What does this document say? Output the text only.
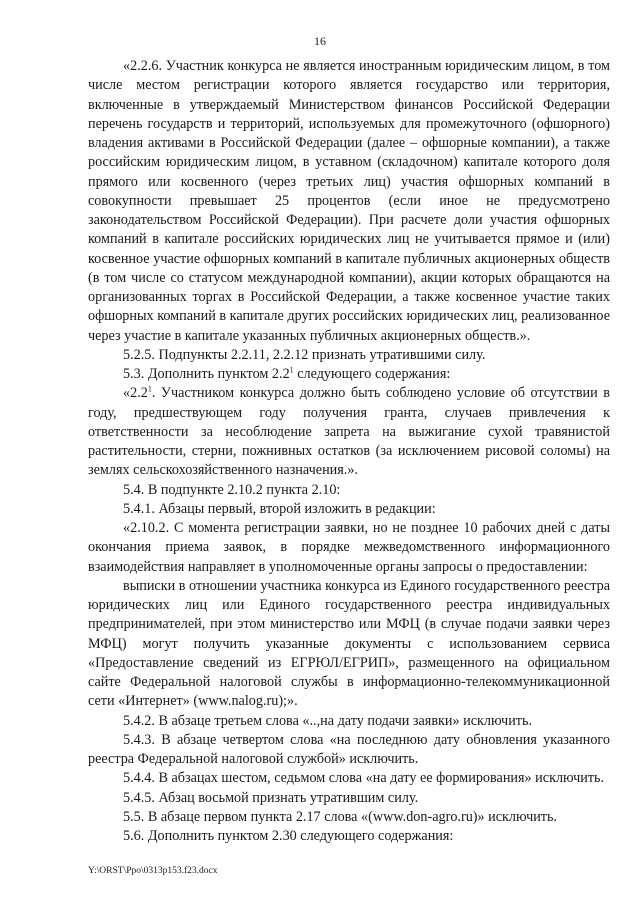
16

«2.2.6. Участник конкурса не является иностранным юридическим лицом, в том числе местом регистрации которого является государство или территория, включенные в утверждаемый Министерством финансов Российской Федерации перечень государств и территорий, используемых для промежуточного (офшорного) владения активами в Российской Федерации (далее – офшорные компании), а также российским юридическим лицом, в уставном (складочном) капитале которого доля прямого или косвенного (через третьих лиц) участия офшорных компаний в совокупности превышает 25 процентов (если иное не предусмотрено законодательством Российской Федерации). При расчете доли участия офшорных компаний в капитале российских юридических лиц не учитывается прямое и (или) косвенное участие офшорных компаний в капитале публичных акционерных обществ (в том числе со статусом международной компании), акции которых обращаются на организованных торгах в Российской Федерации, а также косвенное участие таких офшорных компаний в капитале других российских юридических лиц, реализованное через участие в капитале указанных публичных акционерных обществ.».

5.2.5. Подпункты 2.2.11, 2.2.12 признать утратившими силу.

5.3. Дополнить пунктом $2.2^1$ следующего содержания:

«$2.2^1$. Участником конкурса должно быть соблюдено условие об отсутствии в году, предшествующем году получения гранта, случаев привлечения к ответственности за несоблюдение запрета на выжигание сухой травянистой растительности, стерни, пожнивных остатков (за исключением рисовой соломы) на землях сельскохозяйственного назначения.».

5.4. В подпункте 2.10.2 пункта 2.10:

5.4.1. Абзацы первый, второй изложить в редакции:

«2.10.2. С момента регистрации заявки, но не позднее 10 рабочих дней с даты окончания приема заявок, в порядке межведомственного информационного взаимодействия направляет в уполномоченные органы запросы о предоставлении:

выписки в отношении участника конкурса из Единого государственного реестра юридических лиц или Единого государственного реестра индивидуальных предпринимателей, при этом министерство или МФЦ (в случае подачи заявки через МФЦ) могут получить указанные документы с использованием сервиса «Предоставление сведений из ЕГРЮЛ/ЕГРИП», размещенного на официальном сайте Федеральной налоговой службы в информационно-телекоммуникационной сети «Интернет» (www.nalog.ru);».

5.4.2. В абзаце третьем слова «..,на дату подачи заявки» исключить.

5.4.3. В абзаце четвертом слова «на последнюю дату обновления указанного реестра Федеральной налоговой службой» исключить.

5.4.4. В абзацах шестом, седьмом слова «на дату ее формирования» исключить.

5.4.5. Абзац восьмой признать утратившим силу.

5.5. В абзаце первом пункта 2.17 слова «(www.don-agro.ru)» исключить.

5.6. Дополнить пунктом 2.30 следующего содержания:

Y:\ORST\Ppo\0313p153.f23.docx
